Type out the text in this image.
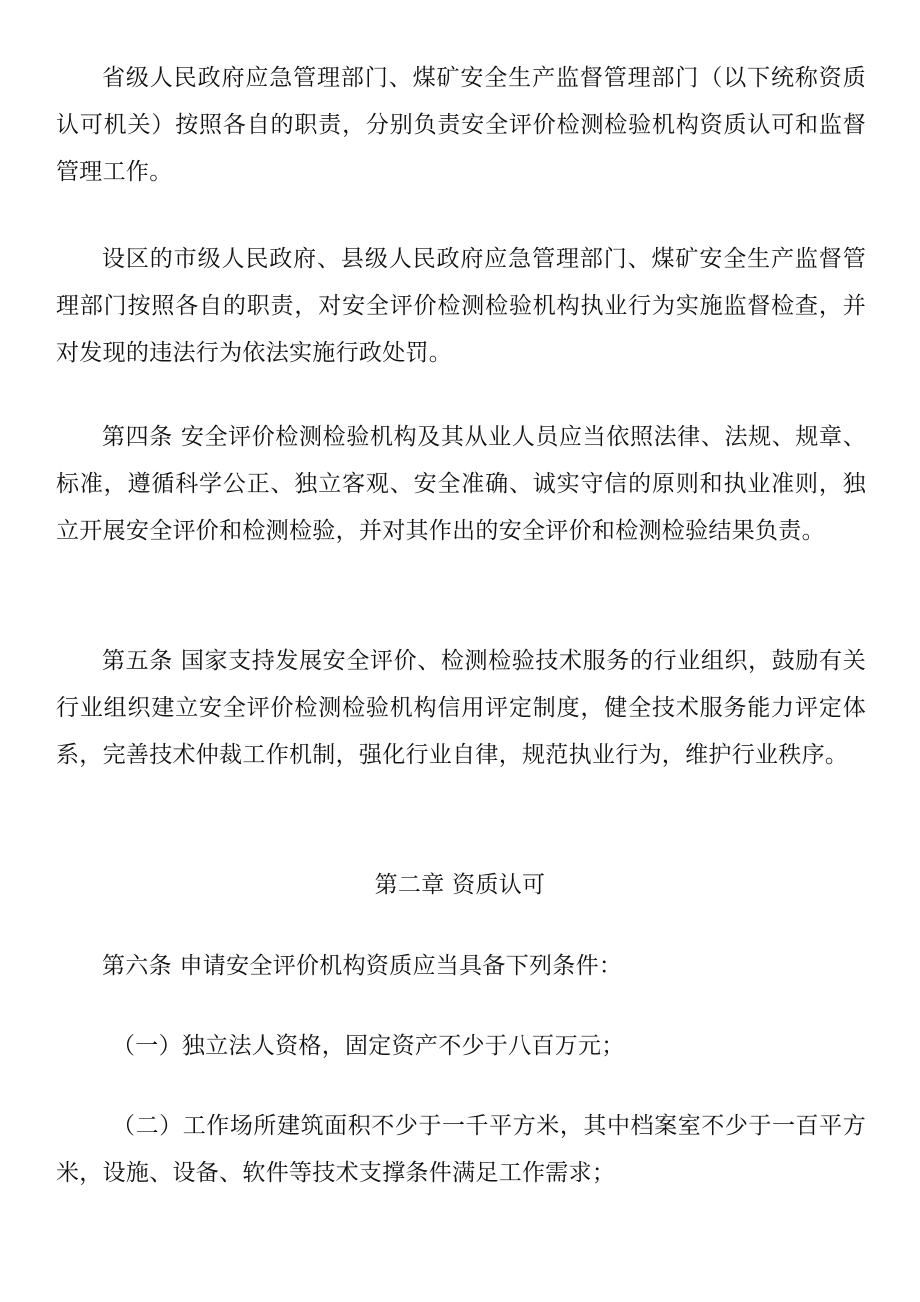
省级人民政府应急管理部门、煤矿安全生产监督管理部门（以下统称资质认可机关）按照各自的职责，分别负责安全评价检测检验机构资质认可和监督管理工作。

设区的市级人民政府、县级人民政府应急管理部门、煤矿安全生产监督管理部门按照各自的职责，对安全评价检测检验机构执业行为实施监督检查，并对发现的违法行为依法实施行政处罚。

第四条 安全评价检测检验机构及其从业人员应当依照法律、法规、规章、标准，遵循科学公正、独立客观、安全准确、诚实守信的原则和执业准则，独立开展安全评价和检测检验，并对其作出的安全评价和检测检验结果负责。

第五条 国家支持发展安全评价、检测检验技术服务的行业组织，鼓励有关行业组织建立安全评价检测检验机构信用评定制度，健全技术服务能力评定体系，完善技术仲裁工作机制，强化行业自律，规范执业行为，维护行业秩序。

第二章 资质认可

第六条 申请安全评价机构资质应当具备下列条件：

（一）独立法人资格，固定资产不少于八百万元；

（二）工作场所建筑面积不少于一千平方米，其中档案室不少于一百平方米，设施、设备、软件等技术支撑条件满足工作需求；
